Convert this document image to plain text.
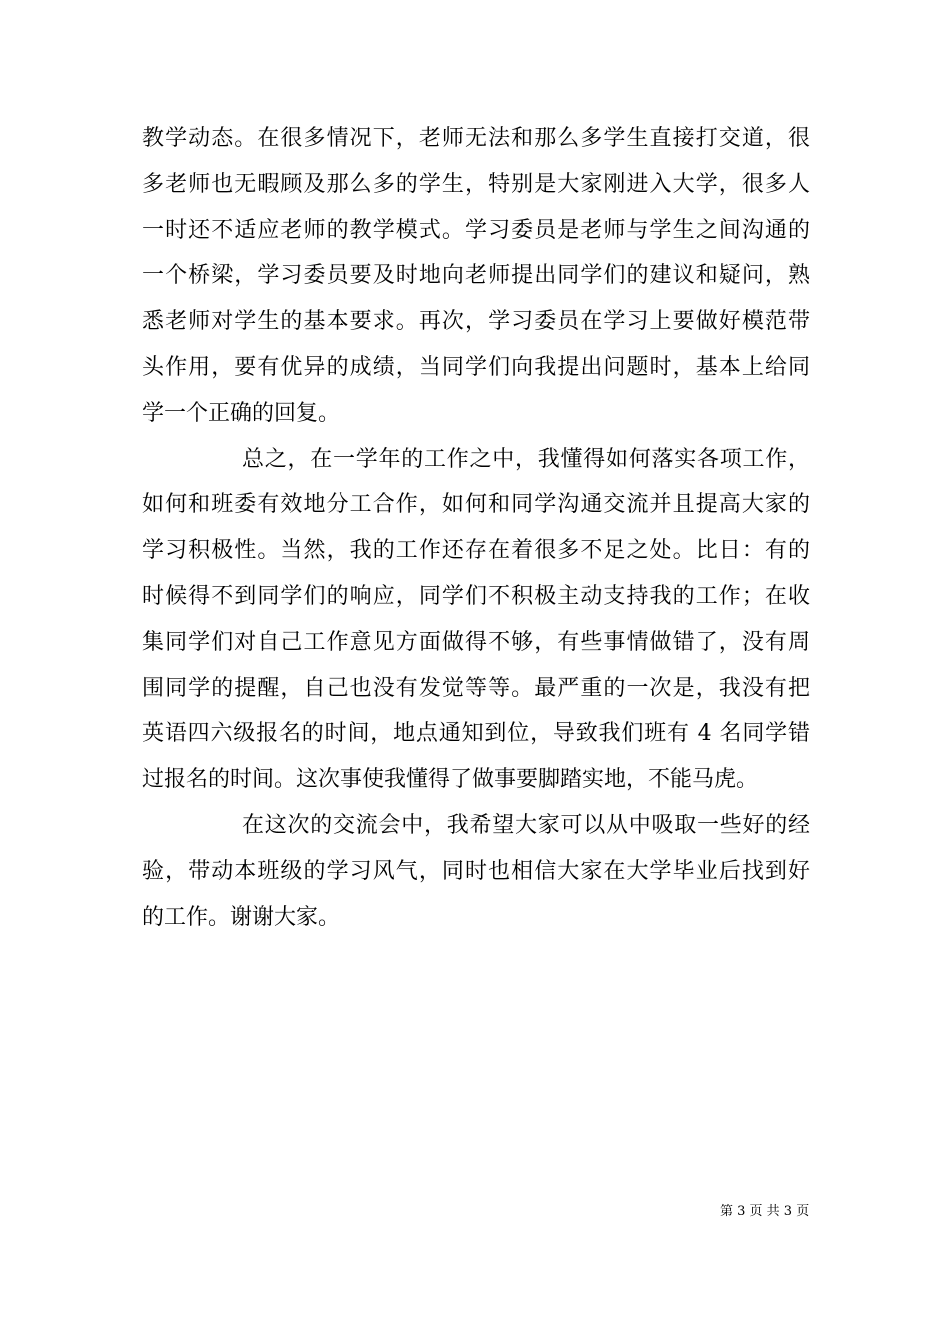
教学动态。在很多情况下，老师无法和那么多学生直接打交道，很
多老师也无暇顾及那么多的学生，特别是大家刚进入大学，很多人
一时还不适应老师的教学模式。学习委员是老师与学生之间沟通的
一个桥梁，学习委员要及时地向老师提出同学们的建议和疑问，熟
悉老师对学生的基本要求。再次，学习委员在学习上要做好模范带
头作用，要有优异的成绩，当同学们向我提出问题时，基本上给同
学一个正确的回复。
总之，在一学年的工作之中，我懂得如何落实各项工作，
如何和班委有效地分工合作，如何和同学沟通交流并且提高大家的
学习积极性。当然，我的工作还存在着很多不足之处。比日：有的
时候得不到同学们的响应，同学们不积极主动支持我的工作；在收
集同学们对自己工作意见方面做得不够，有些事情做错了，没有周
围同学的提醒，自己也没有发觉等等。最严重的一次是，我没有把
英语四六级报名的时间，地点通知到位，导致我们班有 4 名同学错
过报名的时间。这次事使我懂得了做事要脚踏实地，不能马虎。
在这次的交流会中，我希望大家可以从中吸取一些好的经
验，带动本班级的学习风气，同时也相信大家在大学毕业后找到好
的工作。谢谢大家。
第 3 页 共 3 页
